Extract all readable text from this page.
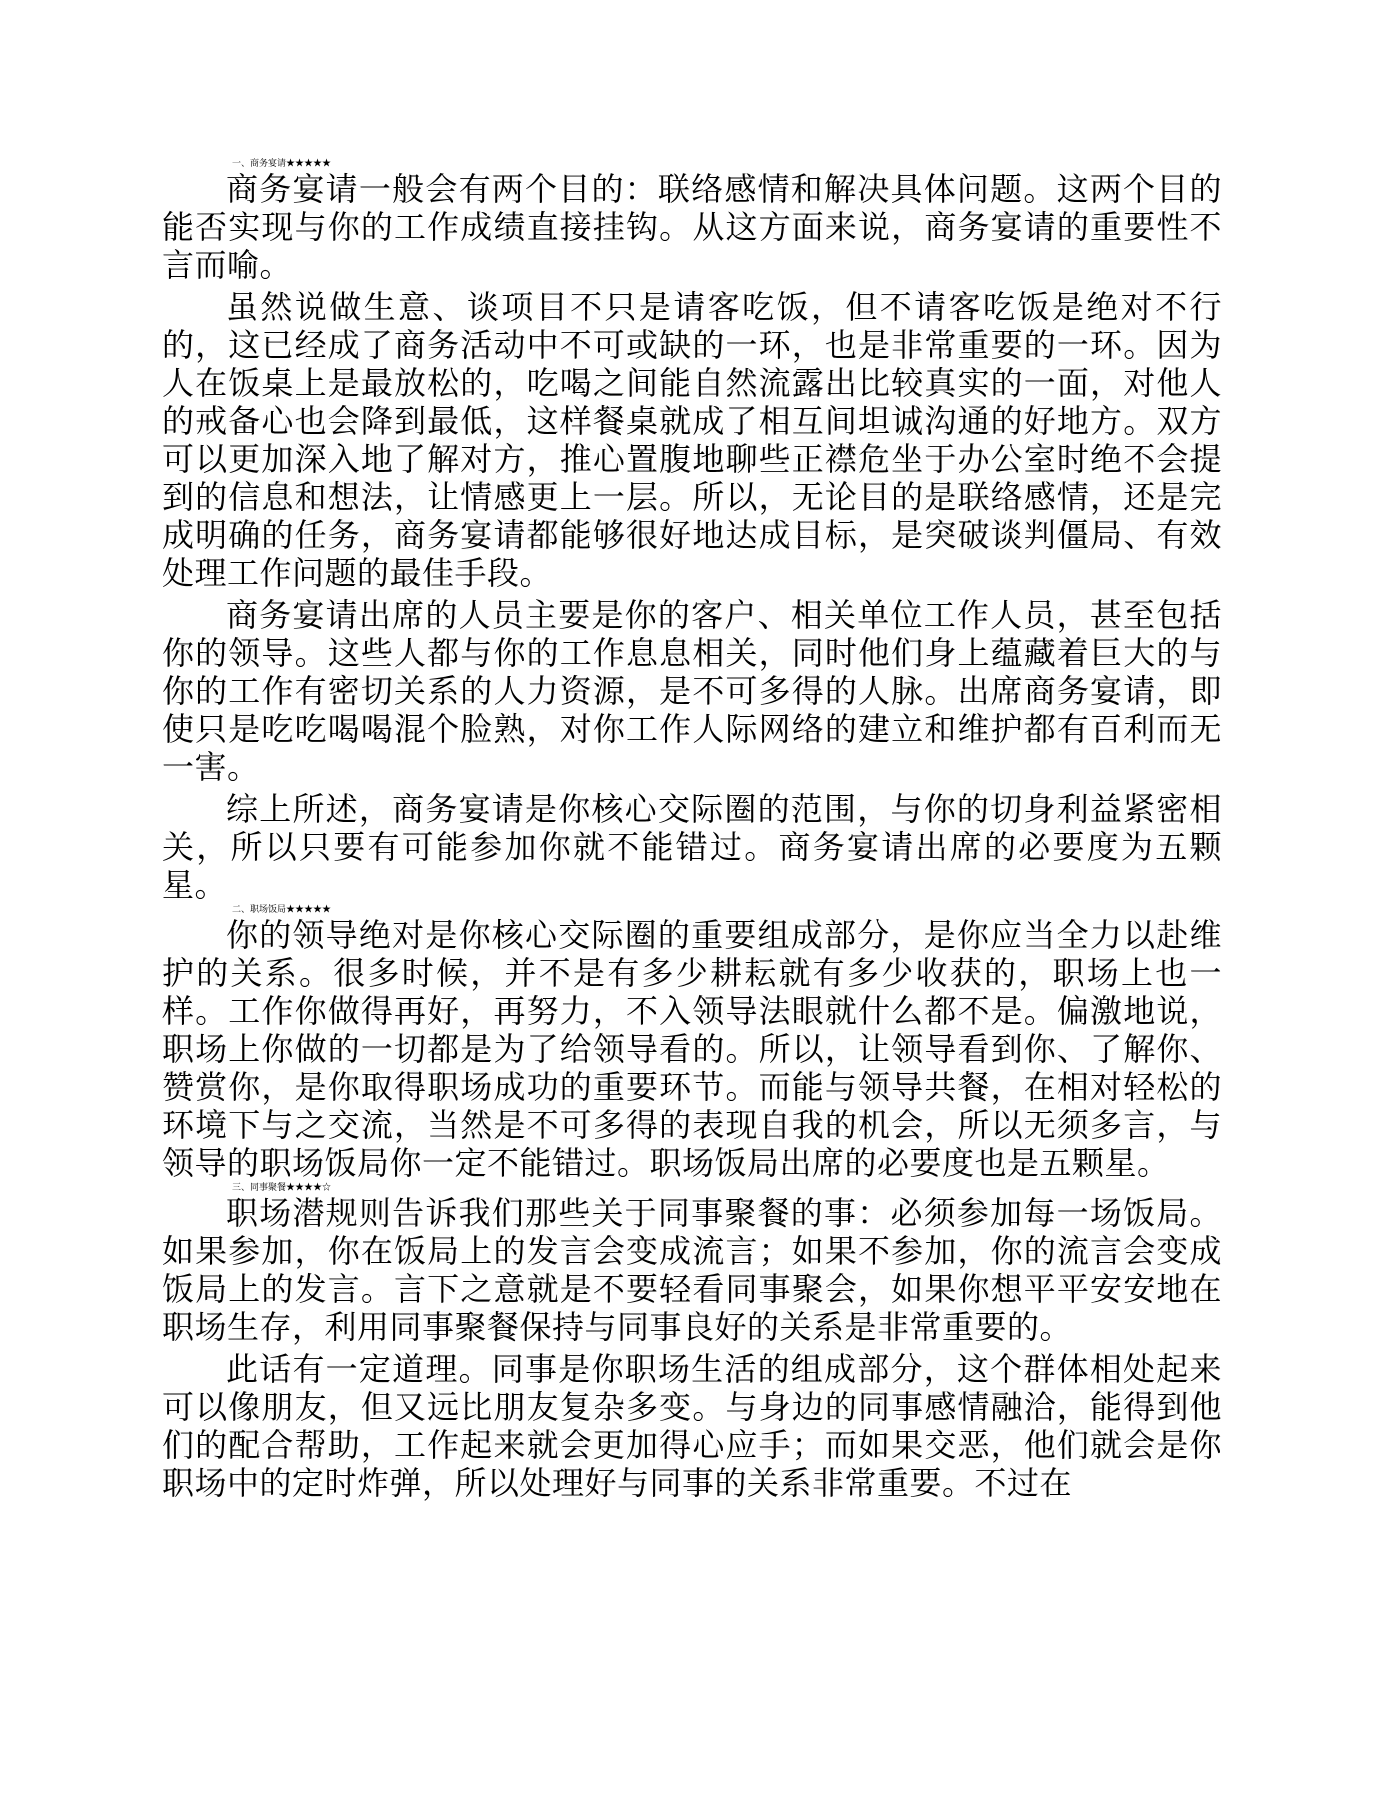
一、商务宴请★★★★★

商务宴请一般会有两个目的：联络感情和解决具体问题。这两个目的能否实现与你的工作成绩直接挂钩。从这方面来说，商务宴请的重要性不言而喻。

虽然说做生意、谈项目不只是请客吃饭，但不请客吃饭是绝对不行的，这已经成了商务活动中不可或缺的一环，也是非常重要的一环。因为人在饭桌上是最放松的，吃喝之间能自然流露出比较真实的一面，对他人的戒备心也会降到最低，这样餐桌就成了相互间坦诚沟通的好地方。双方可以更加深入地了解对方，推心置腹地聊些正襟危坐于办公室时绝不会提到的信息和想法，让情感更上一层。所以，无论目的是联络感情，还是完成明确的任务，商务宴请都能够很好地达成目标，是突破谈判僵局、有效处理工作问题的最佳手段。

商务宴请出席的人员主要是你的客户、相关单位工作人员，甚至包括你的领导。这些人都与你的工作息息相关，同时他们身上蕴藏着巨大的与你的工作有密切关系的人力资源，是不可多得的人脉。出席商务宴请，即使只是吃吃喝喝混个脸熟，对你工作人际网络的建立和维护都有百利而无一害。

综上所述，商务宴请是你核心交际圈的范围，与你的切身利益紧密相关，所以只要有可能参加你就不能错过。商务宴请出席的必要度为五颗星。

二、职场饭局★★★★★

你的领导绝对是你核心交际圈的重要组成部分，是你应当全力以赴维护的关系。很多时候，并不是有多少耕耘就有多少收获的，职场上也一样。工作你做得再好，再努力，不入领导法眼就什么都不是。偏激地说，职场上你做的一切都是为了给领导看的。所以，让领导看到你、了解你、赞赏你，是你取得职场成功的重要环节。而能与领导共餐，在相对轻松的环境下与之交流，当然是不可多得的表现自我的机会，所以无须多言，与领导的职场饭局你一定不能错过。职场饭局出席的必要度也是五颗星。

三、同事聚餐★★★★☆

职场潜规则告诉我们那些关于同事聚餐的事：必须参加每一场饭局。如果参加，你在饭局上的发言会变成流言；如果不参加，你的流言会变成饭局上的发言。言下之意就是不要轻看同事聚会，如果你想平平安安地在职场生存，利用同事聚餐保持与同事良好的关系是非常重要的。

此话有一定道理。同事是你职场生活的组成部分，这个群体相处起来可以像朋友，但又远比朋友复杂多变。与身边的同事感情融洽，能得到他们的配合帮助，工作起来就会更加得心应手；而如果交恶，他们就会是你职场中的定时炸弹，所以处理好与同事的关系非常重要。不过在
